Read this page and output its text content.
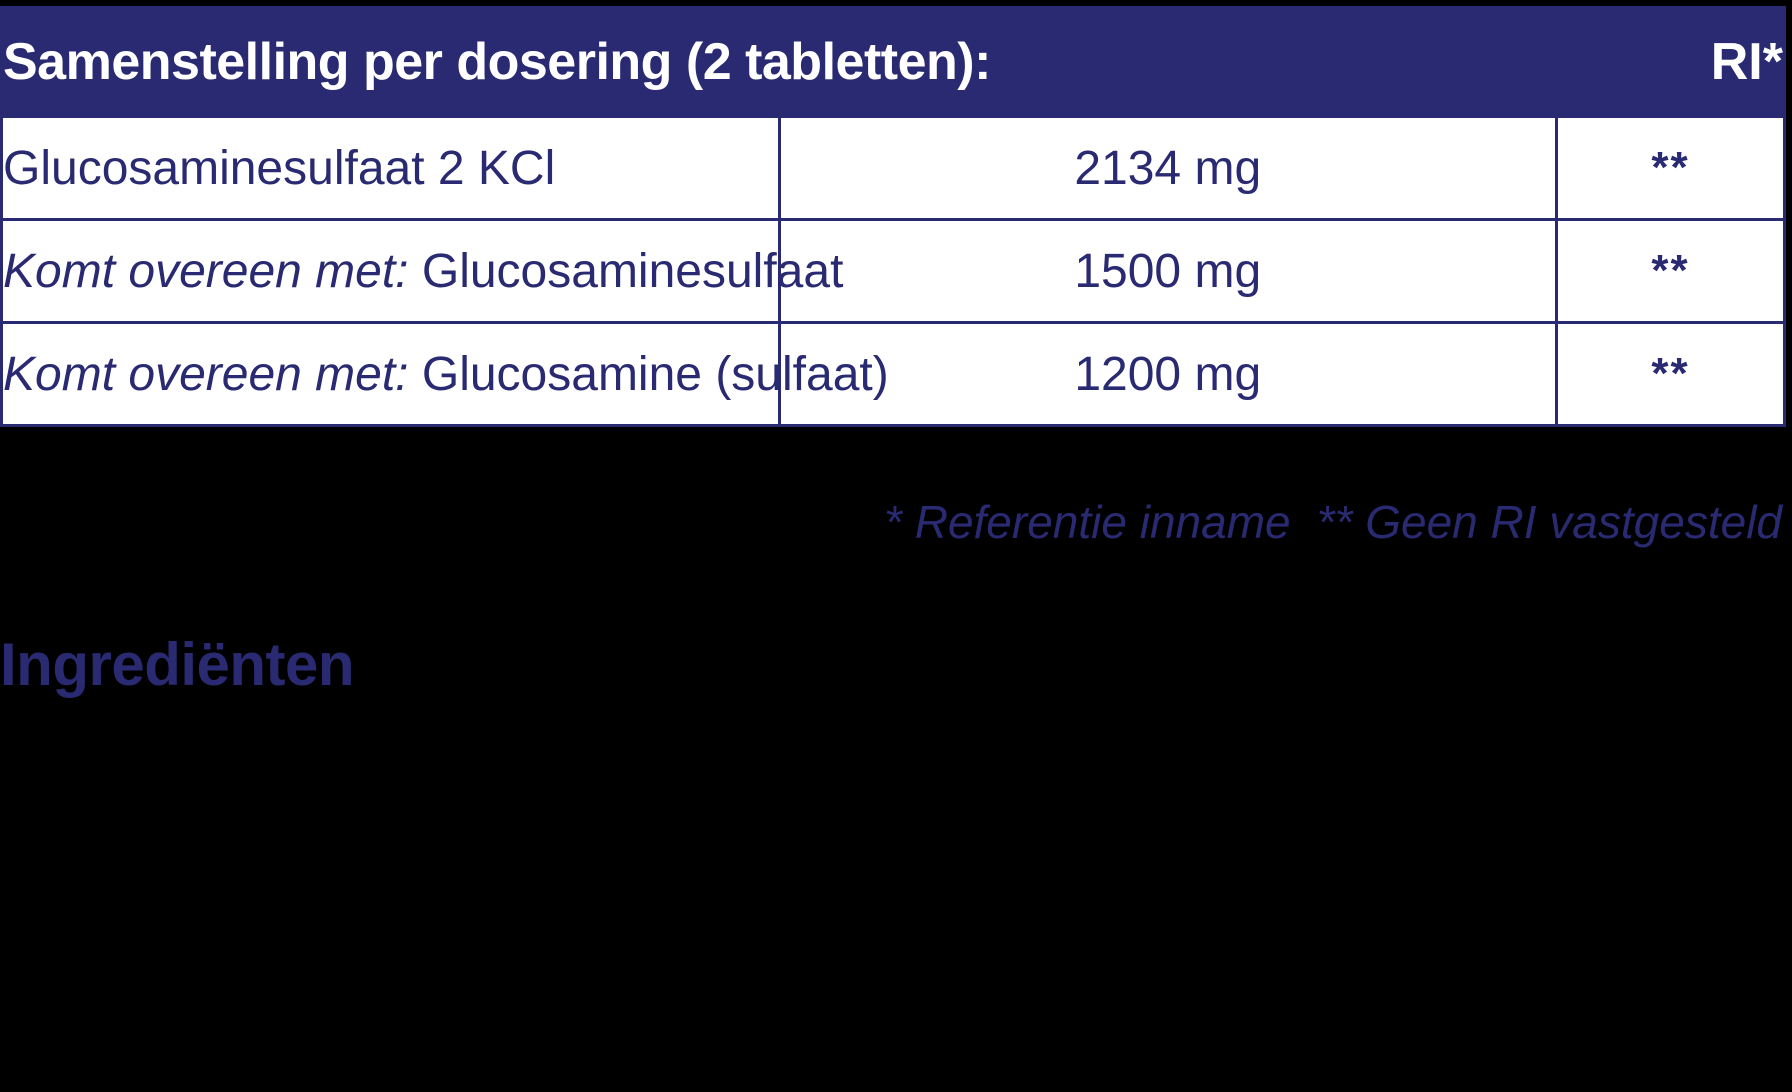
Samenstelling per dosering (2 tabletten):		RI*
Glucosaminesulfaat 2 KCl	2134 mg	**
Komt overeen met: Glucosaminesulfaat	1500 mg	**
Komt overeen met: Glucosamine (sulfaat)	1200 mg	**
* Referentie inname ** Geen RI vastgesteld
Ingrediënten
